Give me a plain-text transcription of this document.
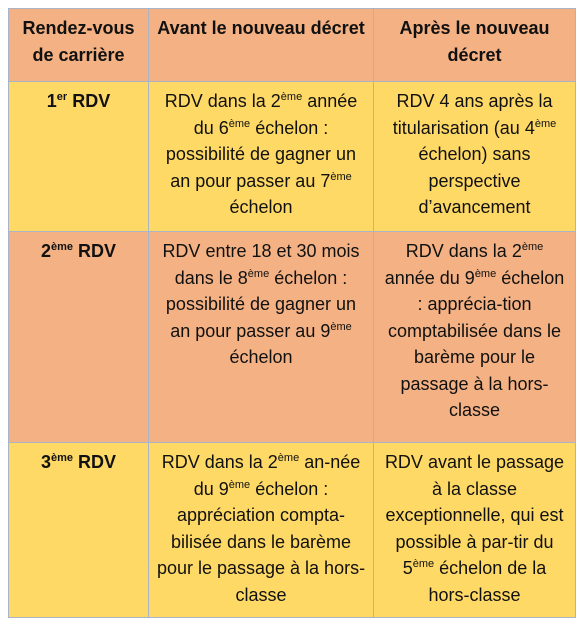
Rendez-vous de carrière	Avant le nouveau décret	Après le nouveau décret
1er RDV	RDV dans la 2ème année du 6ème échelon : possibilité de gagner un an pour passer au 7ème échelon	RDV 4 ans après la titularisation (au 4ème échelon) sans perspective d’avancement
2ème RDV	RDV entre 18 et 30 mois dans le 8ème échelon : possibilité de gagner un an pour passer au 9ème échelon	RDV dans la 2ème année du 9ème échelon : apprécia-tion comptabilisée dans le barème pour le passage à la hors-classe
3ème RDV	RDV dans la 2ème an-née du 9ème échelon : appréciation compta-bilisée dans le barème pour le passage à la hors-classe	RDV avant le passage à la classe exceptionnelle, qui est possible à par-tir du 5ème échelon de la hors-classe
